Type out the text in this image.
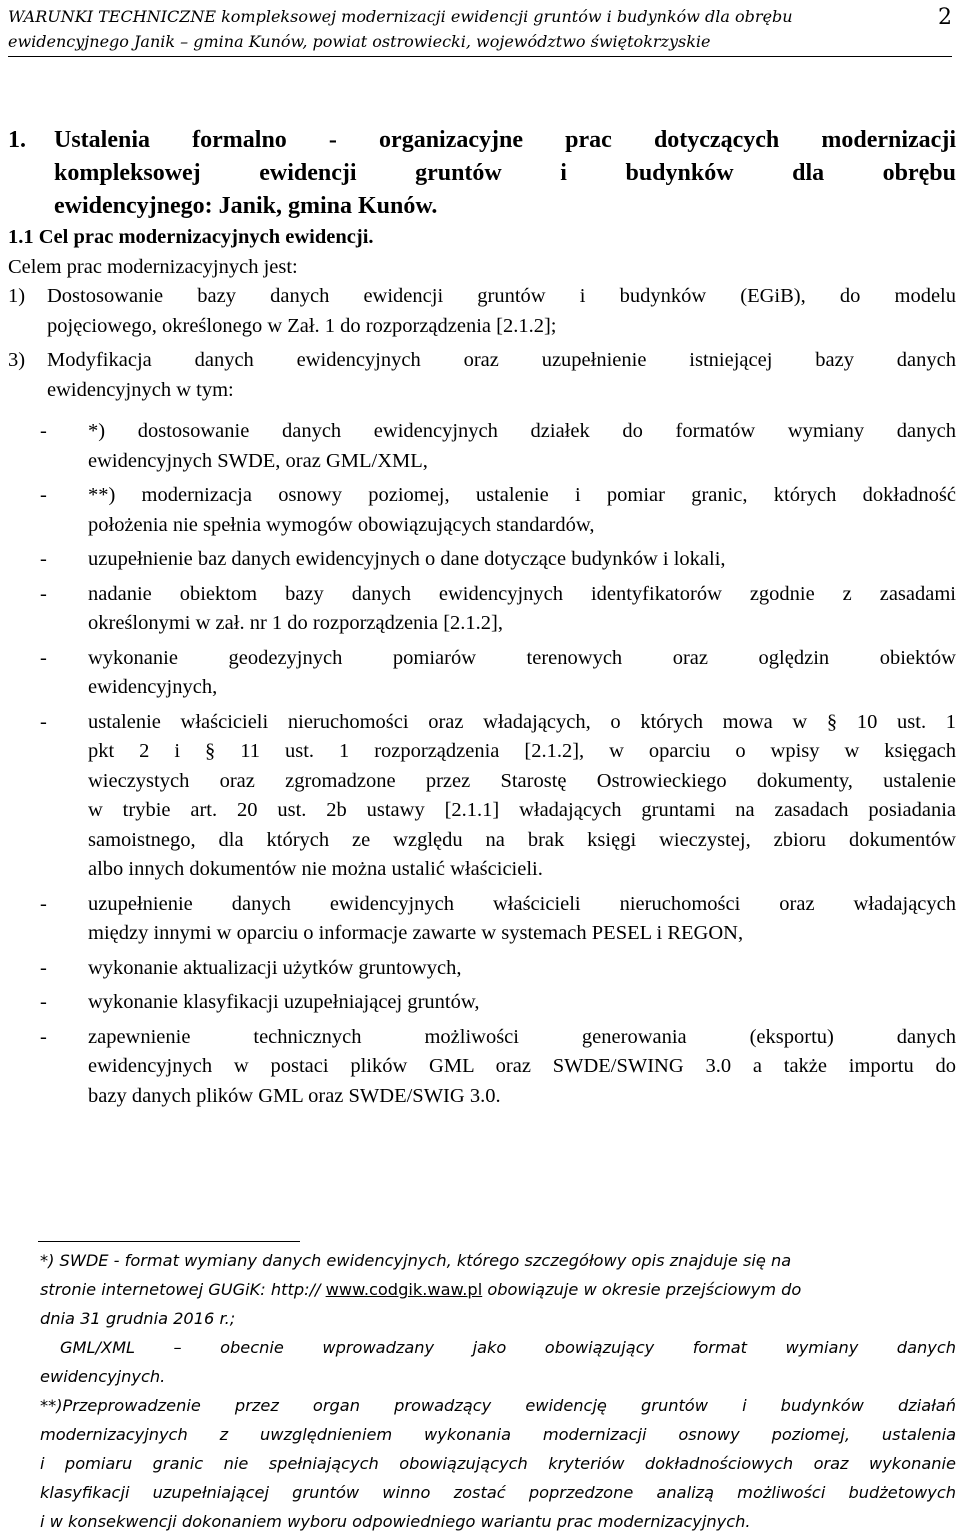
WARUNKI TECHNICZNE kompleksowej modernizacji ewidencji gruntów i budynków dla obrębu
ewidencyjnego Janik – gmina Kunów, powiat ostrowiecki, województwo świętokrzyskie
2
1. Ustalenia formalno - organizacyjne prac dotyczących modernizacji
kompleksowej ewidencji gruntów i budynków dla obrębu
ewidencyjnego: Janik, gmina Kunów.

1.1 Cel prac modernizacyjnych ewidencji.

Celem prac modernizacyjnych jest:

1) Dostosowanie bazy danych ewidencji gruntów i budynków (EGiB), do modelu
pojęciowego, określonego w Zał. 1 do rozporządzenia [2.1.2];
3) Modyfikacja danych ewidencyjnych oraz uzupełnienie istniejącej bazy danych

ewidencyjnych w tym:

- *) dostosowanie danych ewidencyjnych działek do formatów wymiany danych
ewidencyjnych SWDE, oraz GML/XML,
- **) modernizacja osnowy poziomej, ustalenie i pomiar granic, których dokładność
położenia nie spełnia wymogów obowiązujących standardów,
- uzupełnienie baz danych ewidencyjnych o dane dotyczące budynków i lokali,
- nadanie obiektom bazy danych ewidencyjnych identyfikatorów zgodnie z zasadami
określonymi w zał. nr 1 do rozporządzenia [2.1.2],
- wykonanie geodezyjnych pomiarów terenowych oraz oględzin obiektów
ewidencyjnych,
- ustalenie właścicieli nieruchomości oraz władających, o których mowa w § 10 ust. 1
pkt 2 i § 11 ust. 1 rozporządzenia [2.1.2], w oparciu o wpisy w księgach
wieczystych oraz zgromadzone przez Starostę Ostrowieckiego dokumenty, ustalenie
w trybie art. 20 ust. 2b ustawy [2.1.1] władających gruntami na zasadach posiadania
samoistnego, dla których ze względu na brak księgi wieczystej, zbioru dokumentów
albo innych dokumentów nie można ustalić właścicieli.
- uzupełnienie danych ewidencyjnych właścicieli nieruchomości oraz władających
między innymi w oparciu o informacje zawarte w systemach PESEL i REGON,
- wykonanie aktualizacji użytków gruntowych,
- wykonanie klasyfikacji uzupełniającej gruntów,
- zapewnienie technicznych możliwości generowania (eksportu) danych
ewidencyjnych w postaci plików GML oraz SWDE/SWING 3.0 a także importu do
bazy danych plików GML oraz SWDE/SWIG 3.0.
*) SWDE - format wymiany danych ewidencyjnych, którego szczegółowy opis znajduje się na
stronie internetowej GUGiK: http:// www.codgik.waw.pl obowiązuje w okresie przejściowym do
dnia 31 grudnia 2016 r.;
GML/XML – obecnie wprowadzany jako obowiązujący format wymiany danych
ewidencyjnych.
**)Przeprowadzenie przez organ prowadzący ewidencję gruntów i budynków działań
modernizacyjnych z uwzględnieniem wykonania modernizacji osnowy poziomej, ustalenia
i pomiaru granic nie spełniających obowiązujących kryteriów dokładnościowych oraz wykonanie
klasyfikacji uzupełniającej gruntów winno zostać poprzedzone analizą możliwości budżetowych
i w konsekwencji dokonaniem wyboru odpowiedniego wariantu prac modernizacyjnych.
